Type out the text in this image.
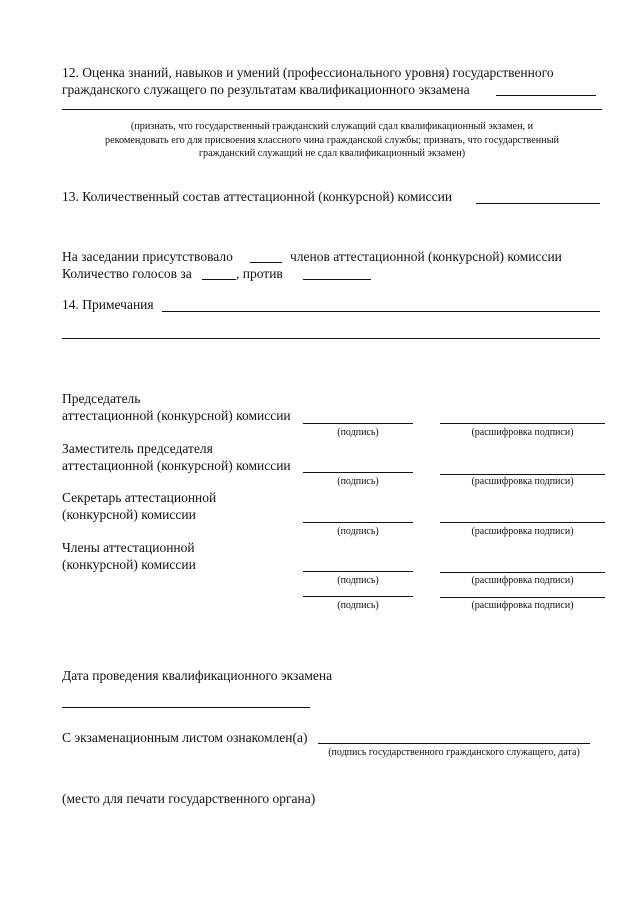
12. Оценка знаний, навыков и умений (профессионального уровня) государственного
гражданского служащего по результатам квалификационного экзамена
(признать, что государственный гражданский служащий сдал квалификационный экзамен, и
рекомендовать его для присвоения классного чина гражданской службы; признать, что государственный
гражданский служащий не сдал квалификационный экзамен)
13. Количественный состав аттестационной (конкурсной) комиссии
На заседании присутствовало	членов аттестационной (конкурсной) комиссии
Количество голосов за	, против
14. Примечания
Председатель
аттестационной (конкурсной) комиссии
(подпись)	(расшифровка подписи)
Заместитель председателя
аттестационной (конкурсной) комиссии
(подпись)	(расшифровка подписи)
Секретарь аттестационной
(конкурсной) комиссии
(подпись)	(расшифровка подписи)
Члены аттестационной
(конкурсной) комиссии
(подпись)	(расшифровка подписи)
(подпись)	(расшифровка подписи)
Дата проведения квалификационного экзамена
С экзаменационным листом ознакомлен(а)
(подпись государственного гражданского служащего, дата)
(место для печати государственного органа)
